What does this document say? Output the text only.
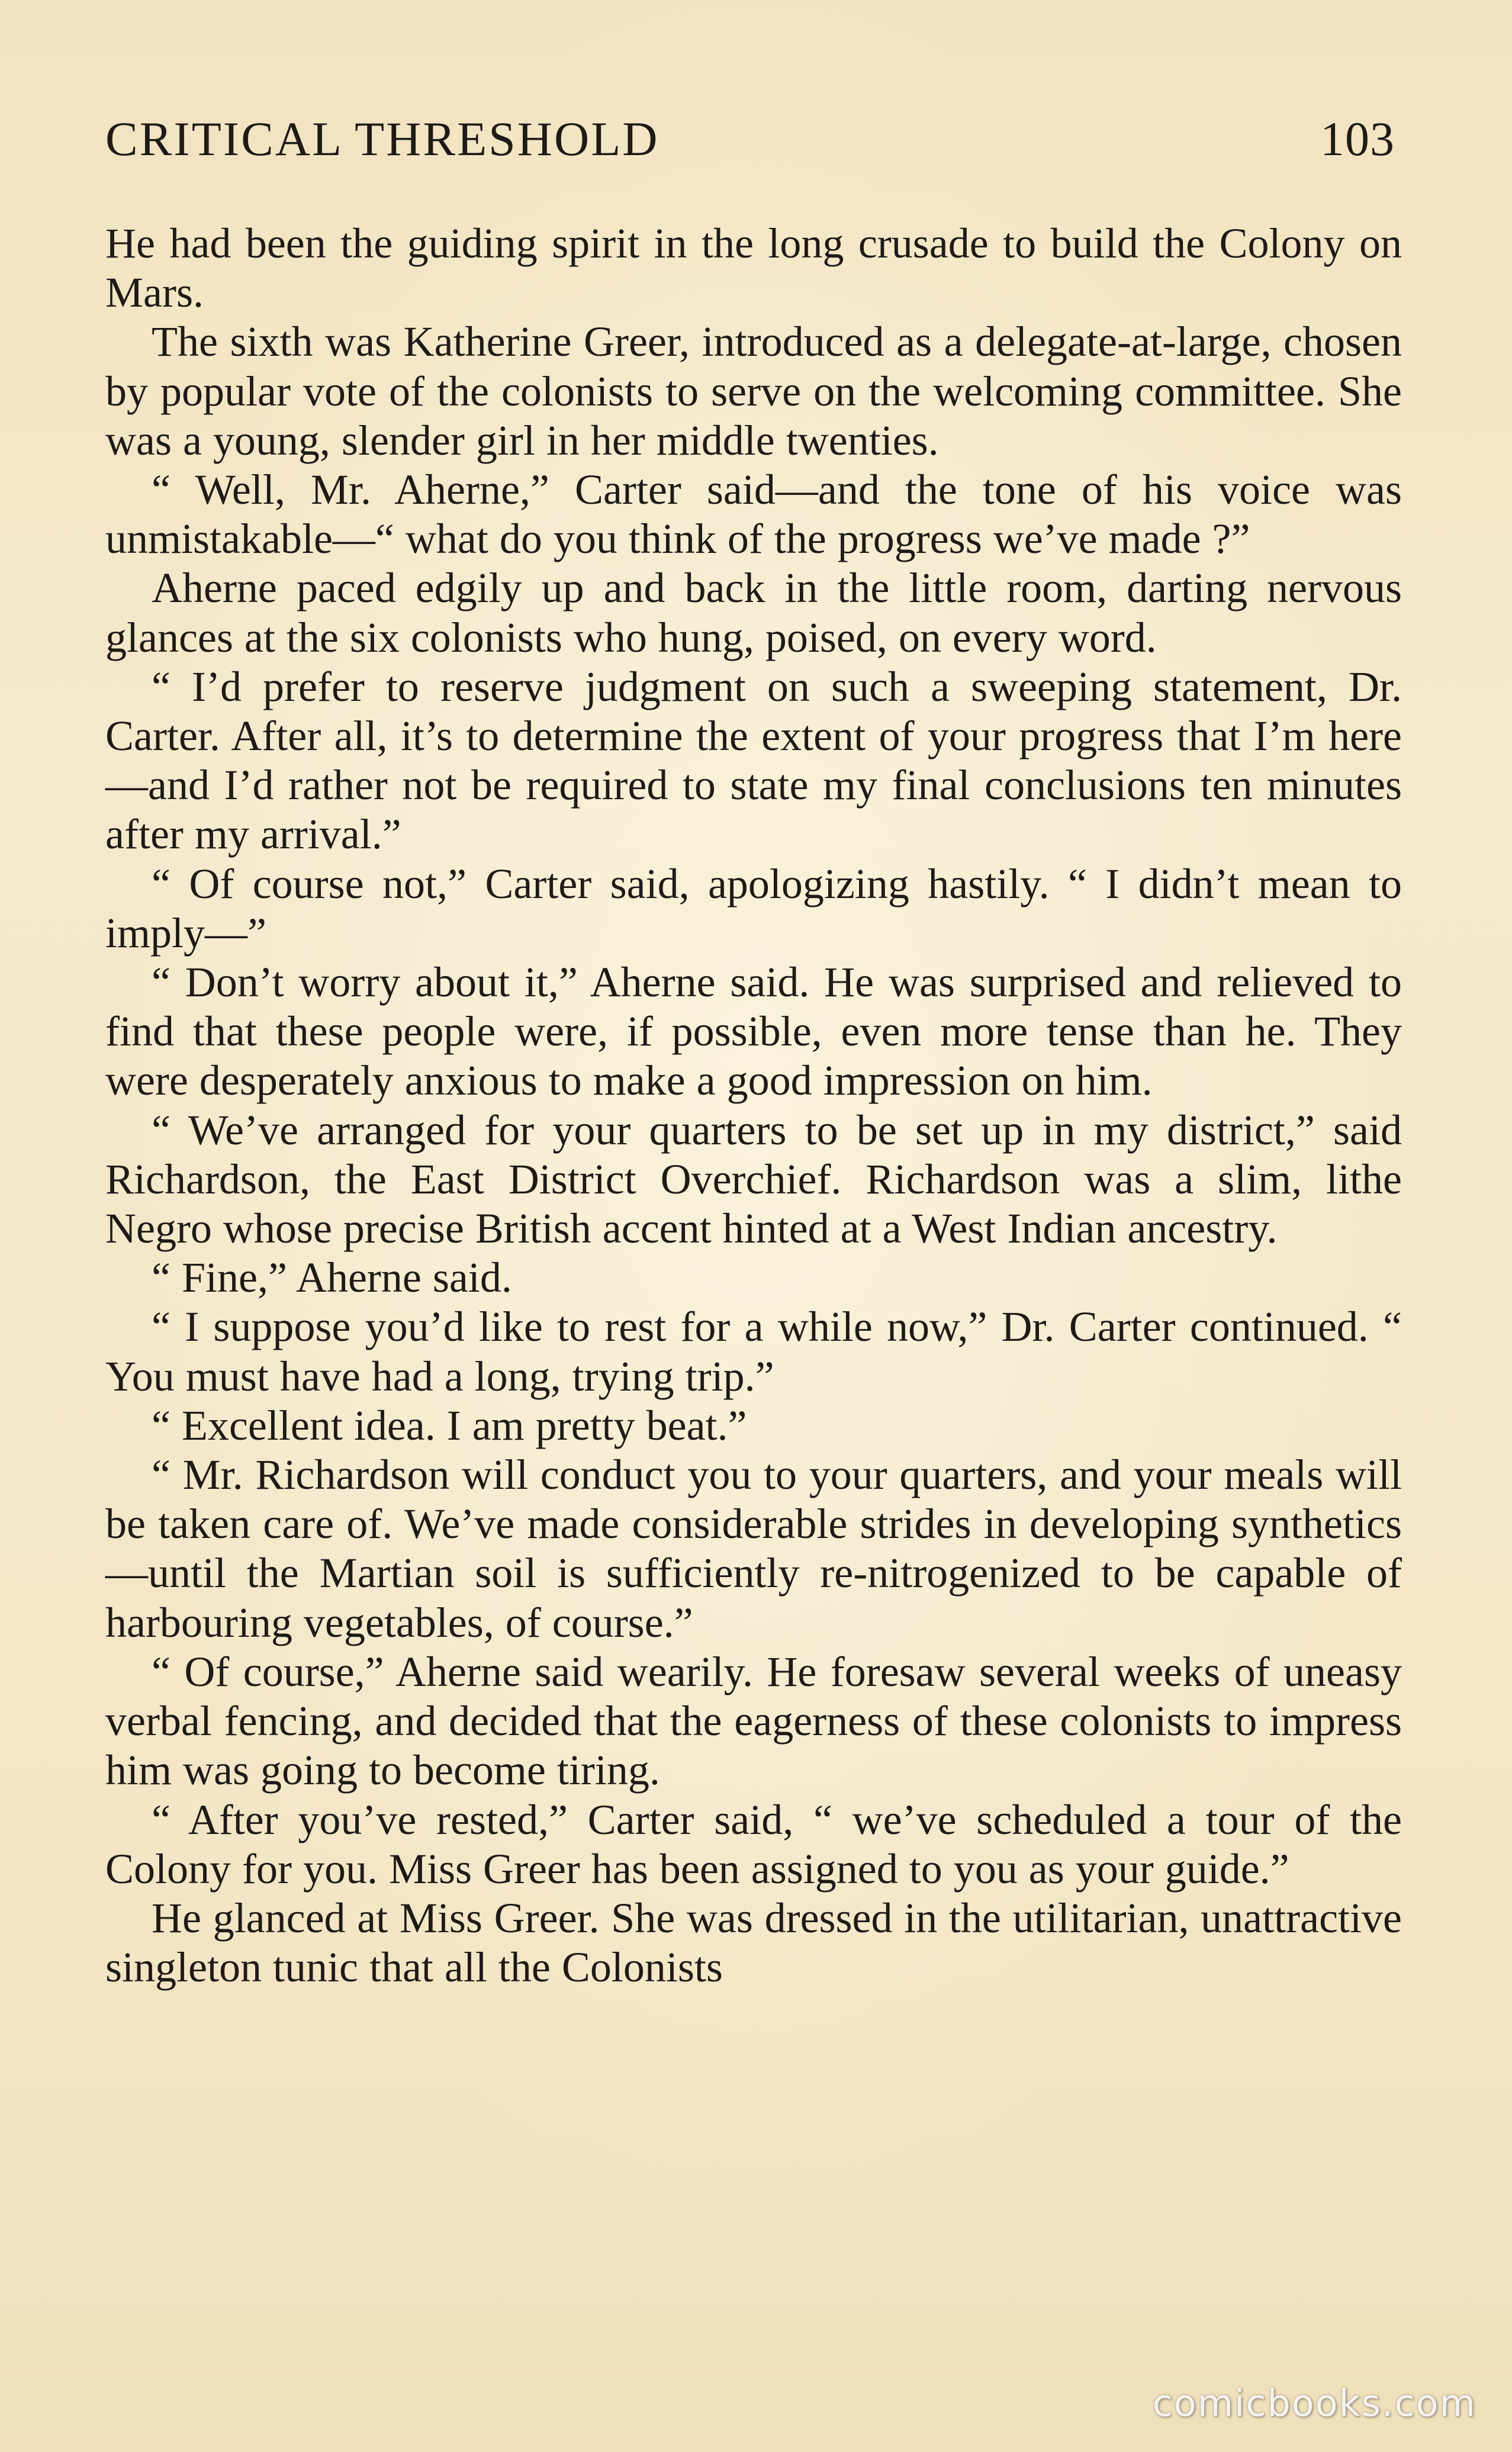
CRITICAL THRESHOLD	103

He had been the guiding spirit in the long crusade to build the Colony on Mars.

The sixth was Katherine Greer, introduced as a delegate-at-large, chosen by popular vote of the colonists to serve on the welcoming committee. She was a young, slender girl in her middle twenties.

“ Well, Mr. Aherne,” Carter said—and the tone of his voice was unmistakable—“ what do you think of the progress we’ve made ?”

Aherne paced edgily up and back in the little room, darting nervous glances at the six colonists who hung, poised, on every word.

“ I’d prefer to reserve judgment on such a sweeping statement, Dr. Carter. After all, it’s to determine the extent of your progress that I’m here—and I’d rather not be required to state my final conclusions ten minutes after my arrival.”

“ Of course not,” Carter said, apologizing hastily. “ I didn’t mean to imply—”

“ Don’t worry about it,” Aherne said. He was surprised and relieved to find that these people were, if possible, even more tense than he. They were desperately anxious to make a good impression on him.

“ We’ve arranged for your quarters to be set up in my district,” said Richardson, the East District Overchief. Richardson was a slim, lithe Negro whose precise British accent hinted at a West Indian ancestry.

“ Fine,” Aherne said.

“ I suppose you’d like to rest for a while now,” Dr. Carter continued. “ You must have had a long, trying trip.”

“ Excellent idea. I am pretty beat.”

“ Mr. Richardson will conduct you to your quarters, and your meals will be taken care of. We’ve made considerable strides in developing synthetics—until the Martian soil is sufficiently re-nitrogenized to be capable of harbouring vegetables, of course.”

“ Of course,” Aherne said wearily. He foresaw several weeks of uneasy verbal fencing, and decided that the eagerness of these colonists to impress him was going to become tiring.

“ After you’ve rested,” Carter said, “ we’ve scheduled a tour of the Colony for you. Miss Greer has been assigned to you as your guide.”

He glanced at Miss Greer. She was dressed in the utilitarian, unattractive singleton tunic that all the Colonists

comicbooks.com
